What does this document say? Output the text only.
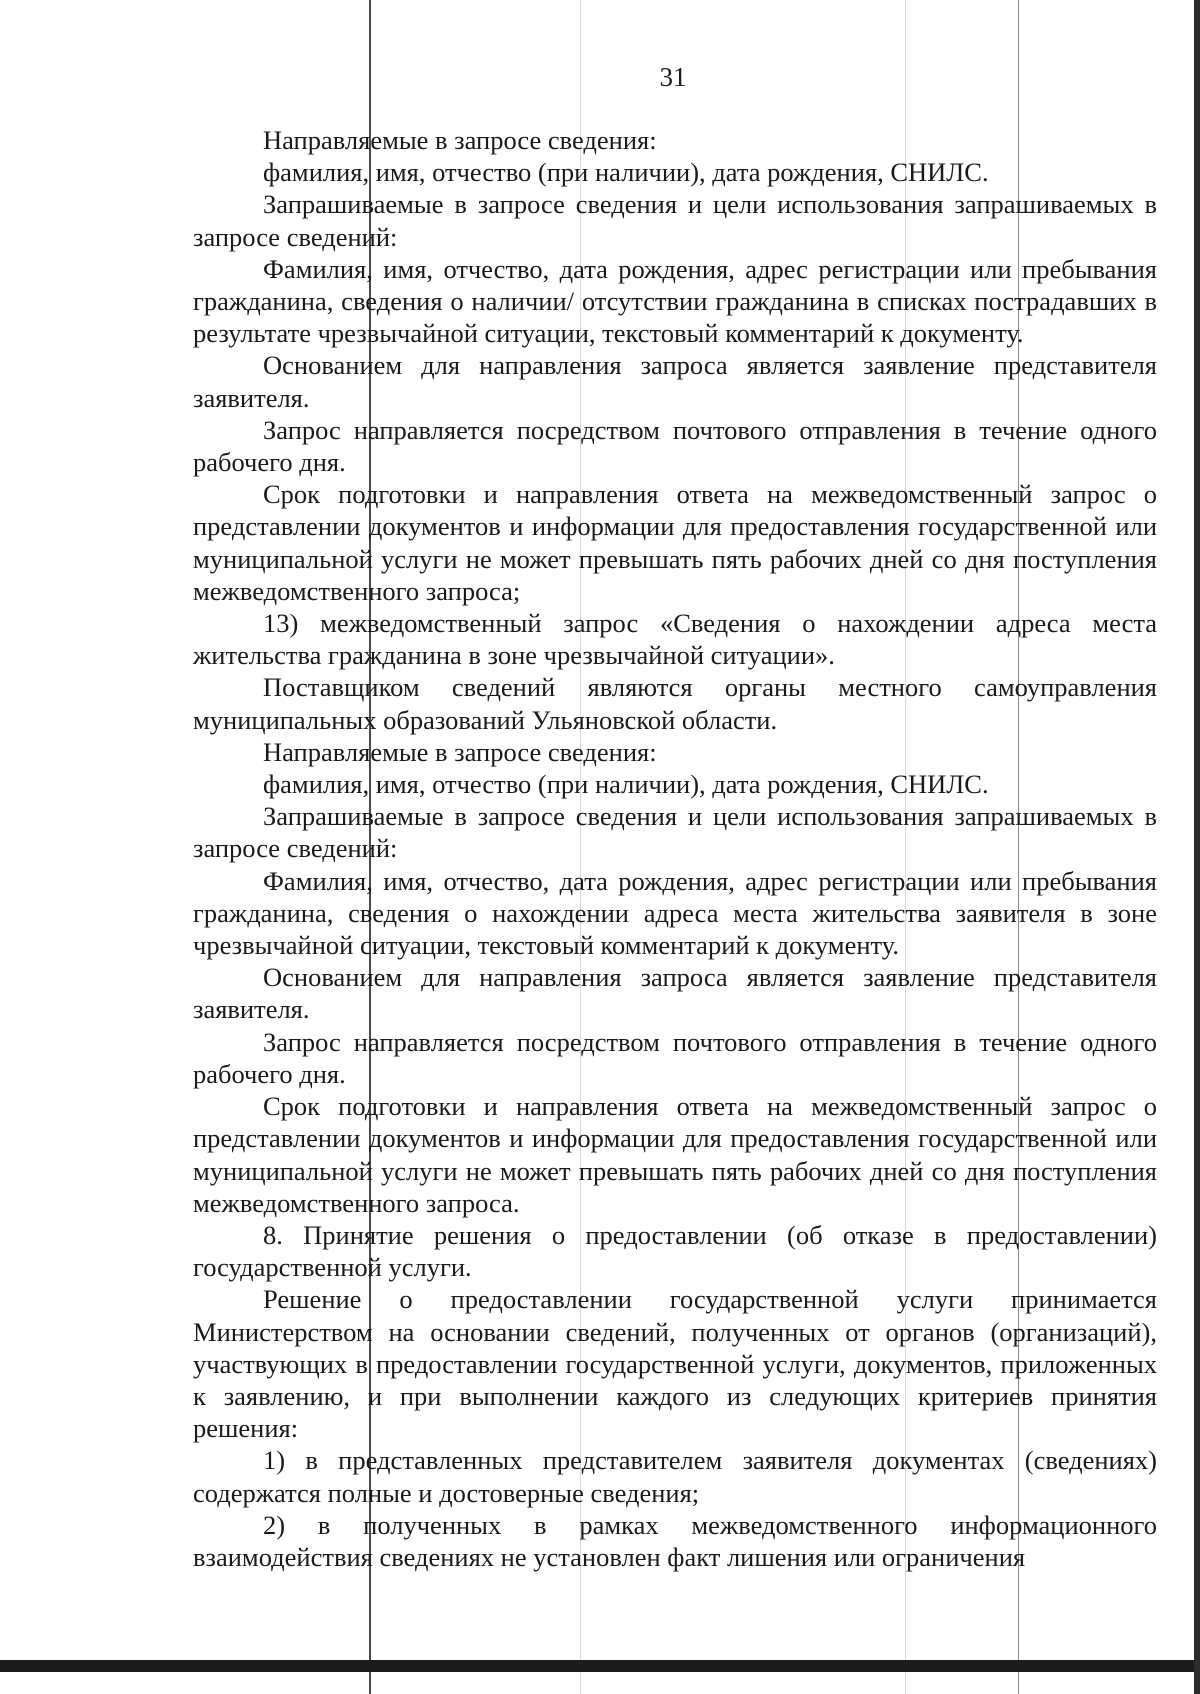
31

Направляемые в запросе сведения:

фамилия, имя, отчество (при наличии), дата рождения, СНИЛС.

Запрашиваемые в запросе сведения и цели использования запрашиваемых в запросе сведений:

Фамилия, имя, отчество, дата рождения, адрес регистрации или пребывания гражданина, сведения о наличии/ отсутствии гражданина в списках пострадавших в результате чрезвычайной ситуации, текстовый комментарий к документу.

Основанием для направления запроса является заявление представителя заявителя.

Запрос направляется посредством почтового отправления в течение одного рабочего дня.

Срок подготовки и направления ответа на межведомственный запрос о представлении документов и информации для предоставления государственной или муниципальной услуги не может превышать пять рабочих дней со дня поступления межведомственного запроса;

13) межведомственный запрос «Сведения о нахождении адреса места жительства гражданина в зоне чрезвычайной ситуации».

Поставщиком сведений являются органы местного самоуправления муниципальных образований Ульяновской области.

Направляемые в запросе сведения:

фамилия, имя, отчество (при наличии), дата рождения, СНИЛС.

Запрашиваемые в запросе сведения и цели использования запрашиваемых в запросе сведений:

Фамилия, имя, отчество, дата рождения, адрес регистрации или пребывания гражданина, сведения о нахождении адреса места жительства заявителя в зоне чрезвычайной ситуации, текстовый комментарий к документу.

Основанием для направления запроса является заявление представителя заявителя.

Запрос направляется посредством почтового отправления в течение одного рабочего дня.

Срок подготовки и направления ответа на межведомственный запрос о представлении документов и информации для предоставления государственной или муниципальной услуги не может превышать пять рабочих дней со дня поступления межведомственного запроса.

8. Принятие решения о предоставлении (об отказе в предоставлении) государственной услуги.

Решение о предоставлении государственной услуги принимается Министерством на основании сведений, полученных от органов (организаций), участвующих в предоставлении государственной услуги, документов, приложенных к заявлению, и при выполнении каждого из следующих критериев принятия решения:

1) в представленных представителем заявителя документах (сведениях) содержатся полные и достоверные сведения;

2) в полученных в рамках межведомственного информационного взаимодействия сведениях не установлен факт лишения или ограничения
